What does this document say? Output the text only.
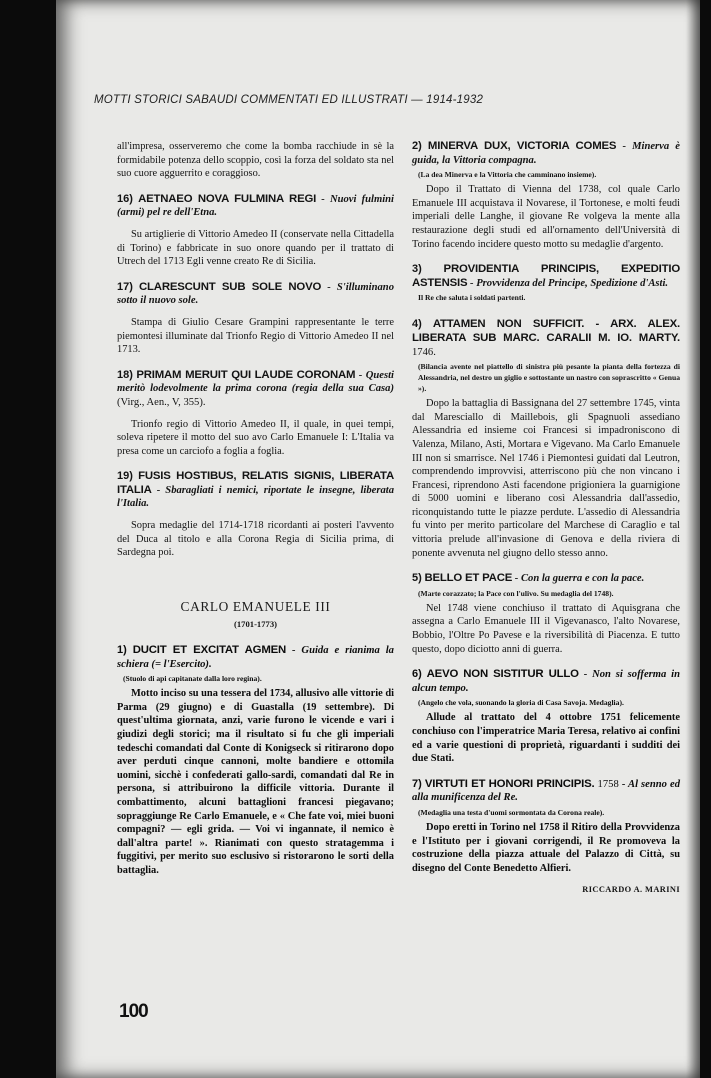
MOTTI STORICI SABAUDI COMMENTATI ED ILLUSTRATI — 1914-1932

all'impresa, osserveremo che come la bomba racchiude in sè la formidabile potenza dello scoppio, così la forza del soldato sta nel suo cuore agguerrito e coraggioso.

16) AETNAEO NOVA FULMINA REGI - Nuovi fulmini (armi) pel re dell'Etna.

Su artiglierie di Vittorio Amedeo II (conservate nella Cittadella di Torino) e fabbricate in suo onore quando per il trattato di Utrech del 1713 Egli venne creato Re di Sicilia.

17) CLARESCUNT SUB SOLE NOVO - S'illuminano sotto il nuovo sole.

Stampa di Giulio Cesare Grampini rappresentante le terre piemontesi illuminate dal Trionfo Regio di Vittorio Amedeo II nel 1713.

18) PRIMAM MERUIT QUI LAUDE CORONAM - Questi meritò lodevolmente la prima corona (regia della sua Casa) (Virg., Aen., V, 355).

Trionfo regio di Vittorio Amedeo II, il quale, in quei tempi, soleva ripetere il motto del suo avo Carlo Emanuele I: L'Italia va presa come un carciofo a foglia a foglia.

19) FUSIS HOSTIBUS, RELATIS SIGNIS, LIBERATA ITALIA - Sbaragliati i nemici, riportate le insegne, liberata l'Italia.

Sopra medaglie del 1714-1718 ricordanti ai posteri l'avvento del Duca al titolo e alla Corona Regia di Sicilia prima, di Sardegna poi.

CARLO EMANUELE III

(1701-1773)

1) DUCIT ET EXCITAT AGMEN - Guida e rianima la schiera (= l'Esercito).

(Stuolo di api capitanate dalla loro regina).

Motto inciso su una tessera del 1734, allusivo alle vittorie di Parma (29 giugno) e di Guastalla (19 settembre). Di quest'ultima giornata, anzi, varie furono le vicende e vari i giudizi degli storici; ma il risultato si fu che gli imperiali tedeschi comandati dal Conte di Konigseck si ritirarono dopo aver perduti cinque cannoni, molte bandiere e ottomila uomini, sicchè i confederati gallo-sardi, comandati dal Re in persona, si attribuirono la difficile vittoria. Durante il combattimento, alcuni battaglioni francesi piegavano; sopraggiunge Re Carlo Emanuele, e « Che fate voi, miei buoni compagni? — egli grida. — Voi vi ingannate, il nemico è dall'altra parte! ». Rianimati con questo stratagemma i fuggitivi, per merito suo esclusivo si ristorarono le sorti della battaglia.

2) MINERVA DUX, VICTORIA COMES - Minerva è guida, la Vittoria compagna.

(La dea Minerva e la Vittoria che camminano insieme).

Dopo il Trattato di Vienna del 1738, col quale Carlo Emanuele III acquistava il Novarese, il Tortonese, e molti feudi imperiali delle Langhe, il giovane Re volgeva la mente alla restaurazione degli studi ed all'ornamento dell'Università di Torino facendo incidere questo motto su medaglie d'argento.

3) PROVIDENTIA PRINCIPIS, EXPEDITIO ASTENSIS - Provvidenza del Principe, Spedizione d'Asti.

Il Re che saluta i soldati partenti.

4) ATTAMEN NON SUFFICIT. - ARX. ALEX. LIBERATA SUB MARC. CARALII M. IO. MARTY. 1746.

(Bilancia avente nel piattello di sinistra più pesante la pianta della fortezza di Alessandria, nel destro un giglio e sottostante un nastro con soprascritto « Genua »).

Dopo la battaglia di Bassignana del 27 settembre 1745, vinta dal Maresciallo di Maillebois, gli Spagnuoli assediano Alessandria ed insieme coi Francesi si impadroniscono di Valenza, Milano, Asti, Mortara e Vigevano. Ma Carlo Emanuele III non si smarrisce. Nel 1746 i Piemontesi guidati dal Leutron, comprendendo improvvisi, atterriscono più che non vincano i Francesi, riprendono Asti facendone prigioniera la guarnigione di 5000 uomini e liberano così Alessandria dall'assedio, riconquistando tutte le piazze perdute. L'assedio di Alessandria fu vinto per merito particolare del Marchese di Caraglio e tal vittoria prelude all'invasione di Genova e della riviera di ponente avvenuta nel giugno dello stesso anno.

5) BELLO ET PACE - Con la guerra e con la pace.

(Marte corazzato; la Pace con l'ulivo. Su medaglia del 1748).

Nel 1748 viene conchiuso il trattato di Aquisgrana che assegna a Carlo Emanuele III il Vigevanasco, l'alto Novarese, Bobbio, l'Oltre Po Pavese e la riversibilità di Piacenza. E tutto questo, dopo diciotto anni di guerra.

6) AEVO NON SISTITUR ULLO - Non si sofferma in alcun tempo.

(Angelo che vola, suonando la gloria di Casa Savoja. Medaglia).

Allude al trattato del 4 ottobre 1751 felicemente conchiuso con l'imperatrice Maria Teresa, relativo ai confini ed a varie questioni di proprietà, riguardanti i sudditi dei due Stati.

7) VIRTUTI ET HONORI PRINCIPIS. 1758 - Al senno ed alla munificenza del Re.

(Medaglia una testa d'uomi sormontata da Corona reale).

Dopo eretti in Torino nel 1758 il Ritiro della Provvidenza e l'Istituto per i giovani corrigendi, il Re promoveva la costruzione della piazza attuale del Palazzo di Città, su disegno del Conte Benedetto Alfieri.

RICCARDO A. MARINI

100
